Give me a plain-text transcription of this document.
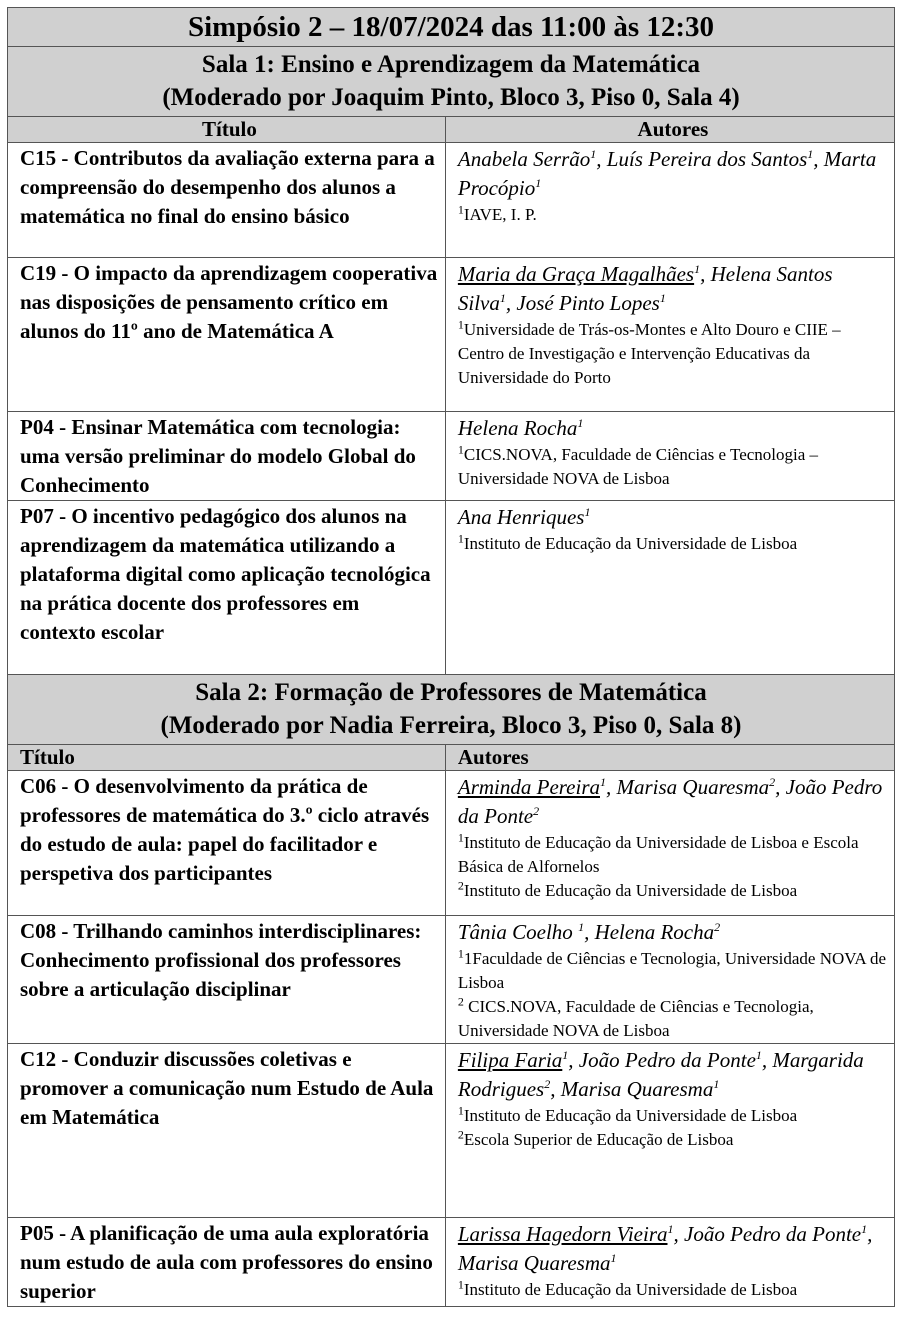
Simpósio 2 – 18/07/2024 das 11:00 às 12:30	

Sala 1: Ensino e Aprendizagem da Matemática
(Moderado por Joaquim Pinto, Bloco 3, Piso 0, Sala 4)	

Título	Autores
C15 - Contributos da avaliação externa para a compreensão do desempenho dos alunos a matemática no final do ensino básico	Anabela Serrão$^1$, Luís Pereira dos Santos$^1$, Marta Procópio$^1$
$^1$IAVE, I. P.

C19 - O impacto da aprendizagem cooperativa nas disposições de pensamento crítico em alunos do 11º ano de Matemática A	Maria da Graça Magalhães$^1$, Helena Santos Silva$^1$, José Pinto Lopes$^1$
$^1$Universidade de Trás-os-Montes e Alto Douro e CIIE – Centro de Investigação e Intervenção Educativas da Universidade do Porto

P04 - Ensinar Matemática com tecnologia: uma versão preliminar do modelo Global do Conhecimento	Helena Rocha$^1$
$^1$CICS.NOVA, Faculdade de Ciências e Tecnologia – Universidade NOVA de Lisboa

P07 - O incentivo pedagógico dos alunos na aprendizagem da matemática utilizando a plataforma digital como aplicação tecnológica na prática docente dos professores em contexto escolar	Ana Henriques$^1$
$^1$Instituto de Educação da Universidade de Lisboa

Sala 2: Formação de Professores de Matemática
(Moderado por Nadia Ferreira, Bloco 3, Piso 0, Sala 8)	

Título	Autores
C06 - O desenvolvimento da prática de professores de matemática do 3.º ciclo através do estudo de aula: papel do facilitador e perspetiva dos participantes	Arminda Pereira$^1$, Marisa Quaresma$^2$, João Pedro da Ponte$^2$
$^1$Instituto de Educação da Universidade de Lisboa e Escola Básica de Alfornelos
$^2$Instituto de Educação da Universidade de Lisboa

C08 - Trilhando caminhos interdisciplinares: Conhecimento profissional dos professores sobre a articulação disciplinar	Tânia Coelho $^1$, Helena Rocha$^2$
$^1$1Faculdade de Ciências e Tecnologia, Universidade NOVA de Lisboa
$^2$ CICS.NOVA, Faculdade de Ciências e Tecnologia, Universidade NOVA de Lisboa

C12 - Conduzir discussões coletivas e promover a comunicação num Estudo de Aula em Matemática	Filipa Faria$^1$, João Pedro da Ponte$^1$, Margarida Rodrigues$^2$, Marisa Quaresma$^1$
$^1$Instituto de Educação da Universidade de Lisboa
$^2$Escola Superior de Educação de Lisboa

P05 - A planificação de uma aula exploratória num estudo de aula com professores do ensino superior	Larissa Hagedorn Vieira$^1$, João Pedro da Ponte$^1$, Marisa Quaresma$^1$
$^1$Instituto de Educação da Universidade de Lisboa
